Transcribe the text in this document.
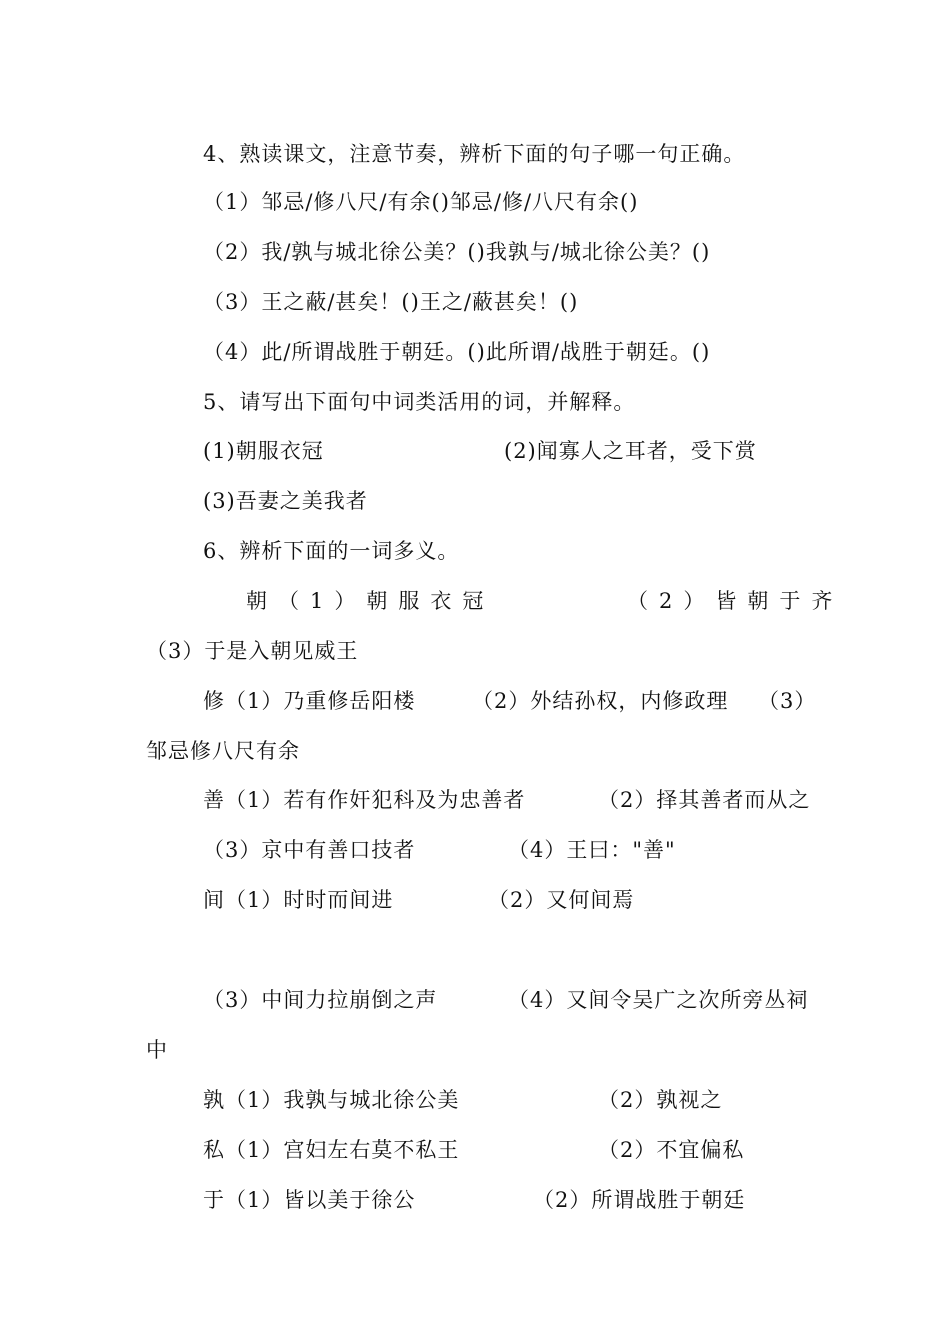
4、熟读课文，注意节奏，辨析下面的句子哪一句正确。
（1）邹忌/修八尺/有余()邹忌/修/八尺有余()
（2）我/孰与城北徐公美？()我孰与/城北徐公美？()
（3）王之蔽/甚矣！()王之/蔽甚矣！()
（4）此/所谓战胜于朝廷。()此所谓/战胜于朝廷。()
5、请写出下面句中词类活用的词，并解释。
(1)朝服衣冠	(2)闻寡人之耳者，受下赏
(3)吾妻之美我者
6、辨析下面的一词多义。
朝（1）朝服衣冠	（2）皆朝于齐
（3）于是入朝见威王
修（1）乃重修岳阳楼	（2）外结孙权，内修政理 （3）
邹忌修八尺有余
善（1）若有作奸犯科及为忠善者	（2）择其善者而从之
（3）京中有善口技者	（4）王曰："善"
间（1）时时而间进	（2）又何间焉
（3）中间力拉崩倒之声	（4）又间令吴广之次所旁丛祠
中
孰（1）我孰与城北徐公美	（2）孰视之
私（1）宫妇左右莫不私王	（2）不宜偏私
于（1）皆以美于徐公	（2）所谓战胜于朝廷
